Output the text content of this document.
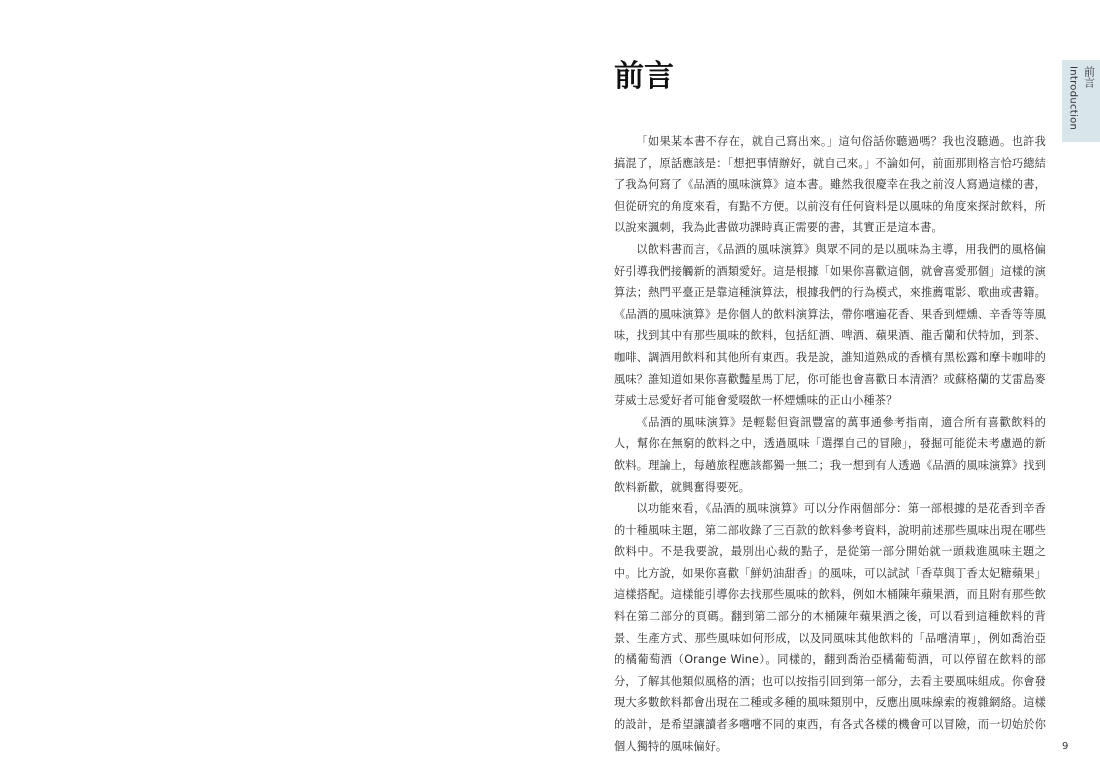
前言

「如果某本書不存在，就自己寫出來。」這句俗話你聽過嗎？我也沒聽過。也許我搞混了，原話應該是：「想把事情辦好，就自己來。」不論如何，前面那則格言恰巧總結了我為何寫了《品酒的風味演算》這本書。雖然我很慶幸在我之前沒人寫過這樣的書，但從研究的角度來看，有點不方便。以前沒有任何資料是以風味的角度來探討飲料，所以說來諷刺，我為此書做功課時真正需要的書，其實正是這本書。

以飲料書而言，《品酒的風味演算》與眾不同的是以風味為主導，用我們的風格偏好引導我們接觸新的酒類愛好。這是根據「如果你喜歡這個，就會喜愛那個」這樣的演算法；熱門平臺正是靠這種演算法，根據我們的行為模式，來推薦電影、歌曲或書籍。《品酒的風味演算》是你個人的飲料演算法，帶你嚐遍花香、果香到煙燻、辛香等等風味，找到其中有那些風味的飲料，包括紅酒、啤酒、蘋果酒、龍舌蘭和伏特加，到茶、咖啡、調酒用飲料和其他所有東西。我是說，誰知道熟成的香檳有黑松露和摩卡咖啡的風味？誰知道如果你喜歡豔星馬丁尼，你可能也會喜歡日本清酒？或蘇格蘭的艾雷島麥芽威士忌愛好者可能會愛啜飲一杯煙燻味的正山小種茶？

《品酒的風味演算》是輕鬆但資訊豐富的萬事通參考指南，適合所有喜歡飲料的人，幫你在無窮的飲料之中，透過風味「選擇自己的冒險」，發掘可能從未考慮過的新飲料。理論上，每趟旅程應該都獨一無二；我一想到有人透過《品酒的風味演算》找到飲料新歡，就興奮得要死。

以功能來看，《品酒的風味演算》可以分作兩個部分：第一部根據的是花香到辛香的十種風味主題，第二部收錄了三百款的飲料參考資料，說明前述那些風味出現在哪些飲料中。不是我要說，最別出心裁的點子，是從第一部分開始就一頭栽進風味主題之中。比方說，如果你喜歡「鮮奶油甜香」的風味，可以試試「香草與丁香太妃糖蘋果」這樣搭配。這樣能引導你去找那些風味的飲料，例如木桶陳年蘋果酒，而且附有那些飲料在第二部分的頁碼。翻到第二部分的木桶陳年蘋果酒之後，可以看到這種飲料的背景、生產方式、那些風味如何形成，以及同風味其他飲料的「品嚐清單」，例如喬治亞的橘葡萄酒（Orange Wine）。同樣的，翻到喬治亞橘葡萄酒，可以停留在飲料的部分，了解其他類似風格的酒；也可以按指引回到第一部分，去看主要風味組成。你會發現大多數飲料都會出現在二種或多種的風味類別中，反應出風味線索的複雜網絡。這樣的設計，是希望讓讀者多嚐嚐不同的東西，有各式各樣的機會可以冒險，而一切始於你個人獨特的風味偏好。

前言
Introduction
9
